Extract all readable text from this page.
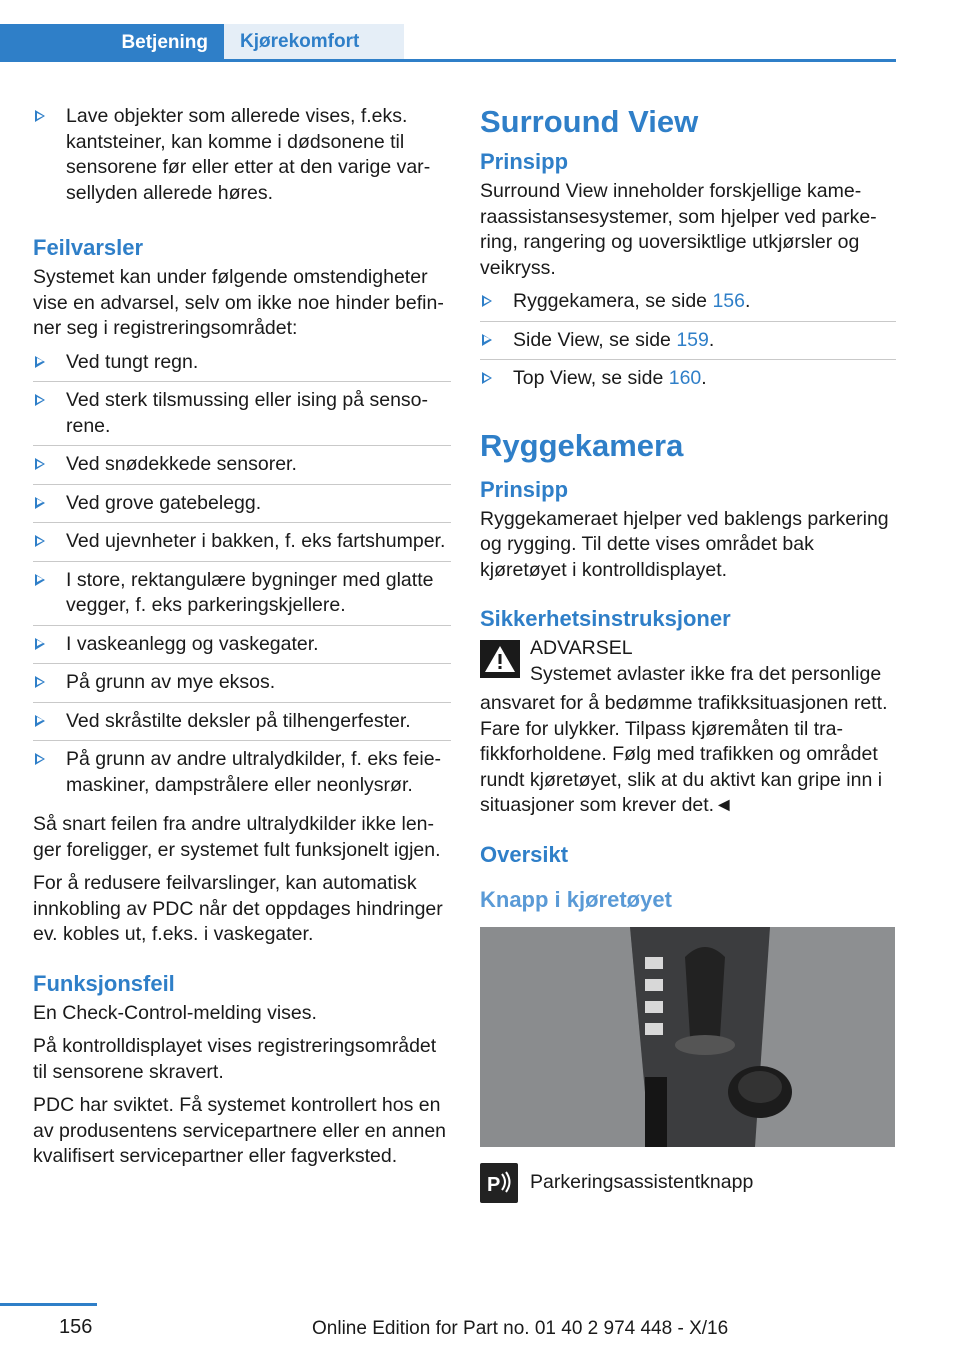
Betjening	Kjørekomfort
Lave objekter som allerede vises, f.eks. kantsteiner, kan komme i dødsonene til sensorene før eller etter at den varige varsellyden allerede høres.
Feilvarsler

Systemet kan under følgende omstendigheter vise en advarsel, selv om ikke noe hinder befinner seg i registreringsområdet:

Ved tungt regn.
Ved sterk tilsmussing eller ising på sensorene.
Ved snødekkede sensorer.
Ved grove gatebelegg.
Ved ujevnheter i bakken, f. eks fartshumper.
I store, rektangulære bygninger med glatte vegger, f. eks parkeringskjellere.
I vaskeanlegg og vaskegater.
På grunn av mye eksos.
Ved skråstilte deksler på tilhengerfester.
På grunn av andre ultralydkilder, f. eks feiemaskiner, dampstrålere eller neonlysrør.

Så snart feilen fra andre ultralydkilder ikke lenger foreligger, er systemet fult funksjonelt igjen.

For å redusere feilvarslinger, kan automatisk innkobling av PDC når det oppdages hindringer ev. kobles ut, f.eks. i vaskegater.

Funksjonsfeil

En Check-Control-melding vises.

På kontrolldisplayet vises registreringsområdet til sensorene skravert.

PDC har sviktet. Få systemet kontrollert hos en av produsentens servicepartnere eller en annen kvalifisert servicepartner eller fagverksted.

Surround View
Prinsipp

Surround View inneholder forskjellige kameraassistansesystemer, som hjelper ved parkering, rangering og uoversiktlige utkjørsler og veikryss.

Ryggekamera, se side 156.
Side View, se side 159.
Top View, se side 160.
Ryggekamera
Prinsipp

Ryggekameraet hjelper ved baklengs parkering og rygging. Til dette vises området bak kjøretøyet i kontrolldisplayet.

Sikkerhetsinstruksjoner
ADVARSEL
Systemet avlaster ikke fra det personlige

ansvaret for å bedømme trafikksituasjonen rett. Fare for ulykker. Tilpass kjøremåten til trafikkforholdene. Følg med trafikken og området rundt kjøretøyet, slik at du aktivt kan gripe inn i situasjoner som krever det.◄

Oversikt
Knapp i kjøretøyet
P Parkeringsassistentknapp
156	Online Edition for Part no. 01 40 2 974 448 - X/16
